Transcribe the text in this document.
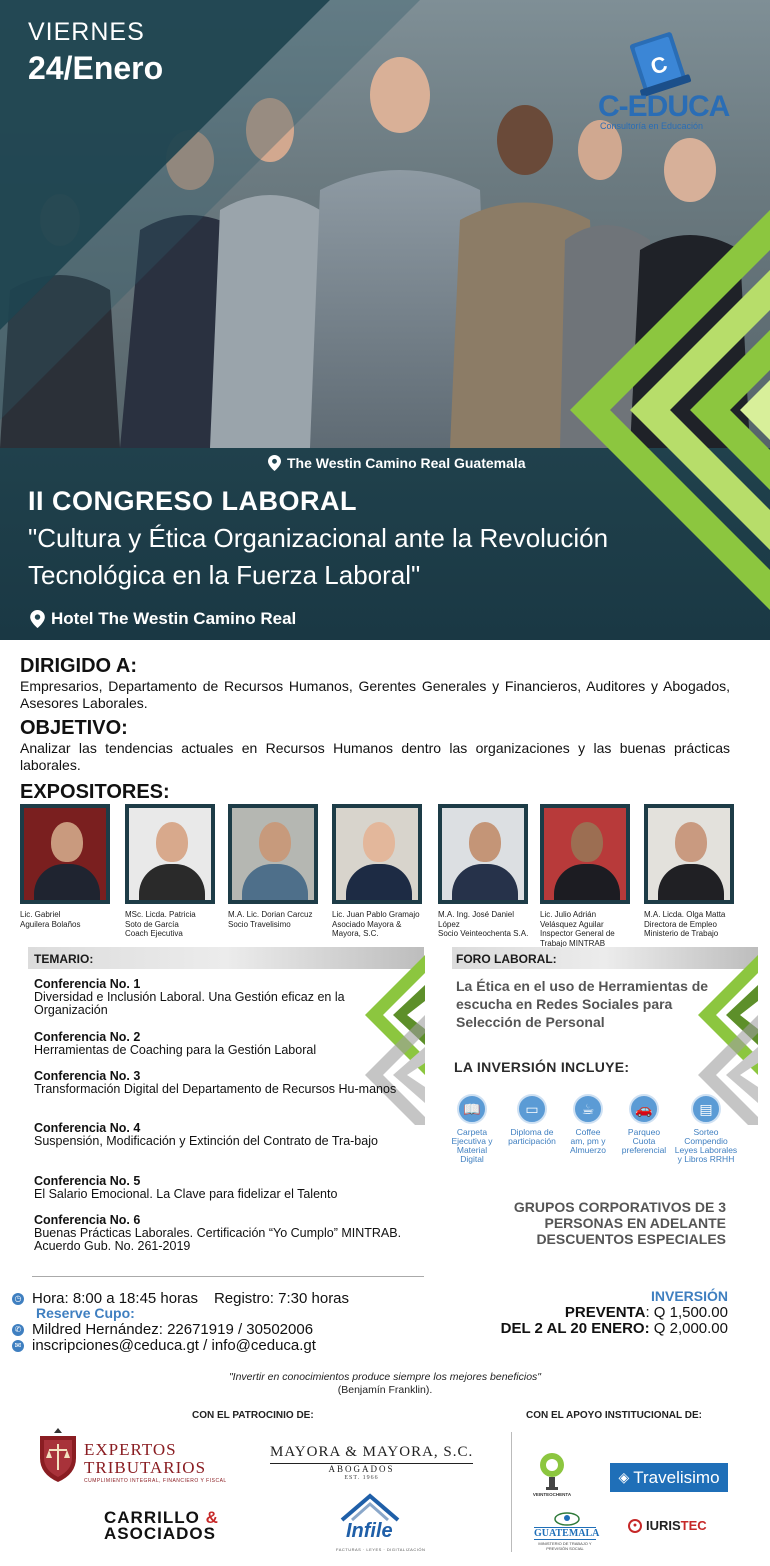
VIERNES
24/Enero	C
C-EDUCA
Consultoría en Educación
The Westin Camino Real Guatemala
II CONGRESO LABORAL
"Cultura y Ética Organizacional ante la Revolución Tecnológica en la Fuerza Laboral"
Hotel The Westin Camino Real
DIRIGIDO A:
Empresarios, Departamento de Recursos Humanos, Gerentes Generales y Financieros, Auditores y Abogados, Asesores Laborales.
OBJETIVO:
Analizar las tendencias actuales en Recursos Humanos dentro las organizaciones y las buenas prácticas laborales.
EXPOSITORES:
Lic. Gabriel
Aguilera Bolaños
MSc. Licda. Patricia
Soto de García
Coach Ejecutiva
M.A. Lic. Dorian Carcuz
Socio Travelisimo
Lic. Juan Pablo Gramajo
Asociado Mayora &
Mayora, S.C.
M.A. Ing. José Daniel
López
Socio Veinteochenta S.A.
Lic. Julio Adrián
Velásquez Aguilar
Inspector General de
Trabajo MINTRAB
M.A. Licda. Olga Matta
Directora de Empleo
Ministerio de Trabajo
TEMARIO:
Conferencia No. 1
Diversidad e Inclusión Laboral. Una Gestión eficaz en la Organización
Conferencia No. 2
Herramientas de Coaching para la Gestión Laboral
Conferencia No. 3
Transformación Digital del Departamento de Recursos Hu-manos
Conferencia No. 4
Suspensión, Modificación y Extinción del Contrato de Tra-bajo
Conferencia No. 5
El Salario Emocional. La Clave para fidelizar el Talento
Conferencia No. 6
Buenas Prácticas Laborales. Certificación “Yo Cumplo” MINTRAB.
Acuerdo Gub. No. 261-2019
FORO LABORAL:
La Ética en el uso de Herramientas de escucha en Redes Sociales para Selección de Personal
LA INVERSIÓN INCLUYE:
📖
Carpeta
Ejecutiva y
Material
Digital
▭
Diploma de
participación
☕
Coffee
am, pm y
Almuerzo
🚗
Parqueo
Cuota
preferencial
▤
Sorteo
Compendio
Leyes Laborales
y Libros RRHH
GRUPOS CORPORATIVOS DE 3 PERSONAS EN ADELANTE DESCUENTOS ESPECIALES
◷ Hora: 8:00 a 18:45 horas Registro: 7:30 horas
Reserve Cupo:
✆ Mildred Hernández: 22671919 / 30502006
✉ inscripciones@ceduca.gt / info@ceduca.gt
INVERSIÓN
PREVENTA: Q 1,500.00
DEL 2 AL 20 ENERO: Q 2,000.00
"Invertir en conocimientos produce siempre los mejores beneficios"
(Benjamín Franklin).
CON EL PATROCINIO DE:	CON EL APOYO INSTITUCIONAL DE:
EXPERTOS
TRIBUTARIOS
CUMPLIMIENTO INTEGRAL, FINANCIERO Y FISCAL
MAYORA & MAYORA, S.C.
ABOGADOS
EST. 1966
CARRILLO &
ASOCIADOS	Infile
FACTURAS · LEYES · DIGITALIZACIÓN
VEINTEOCHENTA
◈ Travelisimo
GUATEMALA
MINISTERIO DE TRABAJO Y PREVISIÓN SOCIAL
● IURIS TEC
